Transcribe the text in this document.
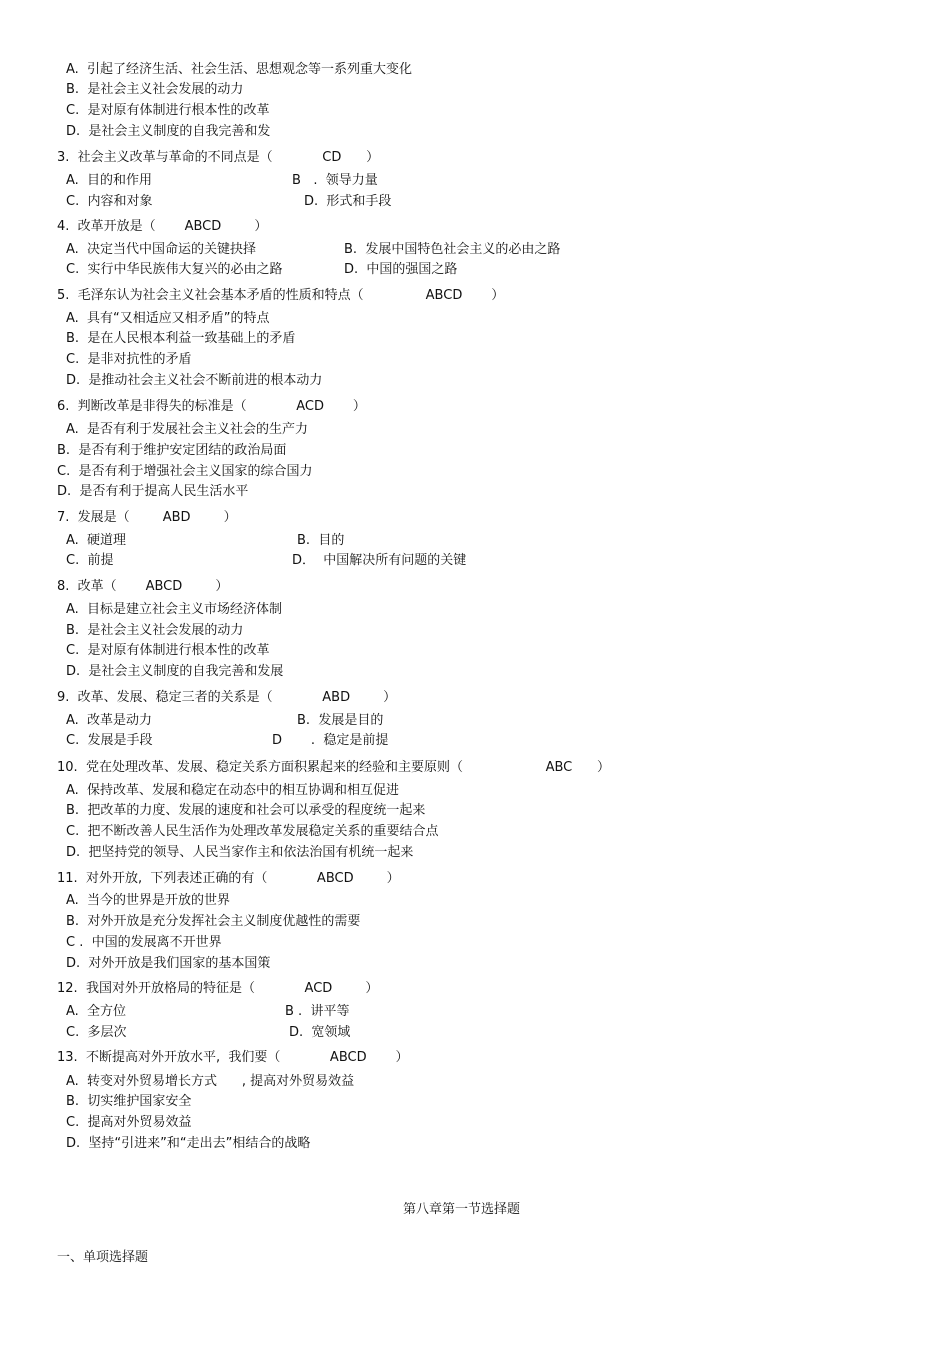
A.  引起了经济生活、社会生活、思想观念等一系列重大变化
B.  是社会主义社会发展的动力
C.  是对原有体制进行根本性的改革
D.  是社会主义制度的自我完善和发
3.  社会主义改革与革命的不同点是（            CD      ）
A.  目的和作用	B   .  领导力量
C.  内容和对象	D.  形式和手段
4.  改革开放是（       ABCD        ）
A.  决定当代中国命运的关键抉择	B.  发展中国特色社会主义的必由之路
C.  实行中华民族伟大复兴的必由之路	D.  中国的强国之路
5.  毛泽东认为社会主义社会基本矛盾的性质和特点（               ABCD       ）
A.  具有“又相适应又相矛盾”的特点
B.  是在人民根本利益一致基础上的矛盾
C.  是非对抗性的矛盾
D.  是推动社会主义社会不断前进的根本动力
6.  判断改革是非得失的标准是（            ACD       ）
A.  是否有利于发展社会主义社会的生产力
B.  是否有利于维护安定团结的政治局面
C.  是否有利于增强社会主义国家的综合国力
D.  是否有利于提高人民生活水平
7.  发展是（        ABD        ）
A.  硬道理	B.  目的
C.  前提	D．  中国解决所有问题的关键
8.  改革（       ABCD        ）
A.  目标是建立社会主义市场经济体制
B.  是社会主义社会发展的动力
C.  是对原有体制进行根本性的改革
D.  是社会主义制度的自我完善和发展
9.  改革、发展、稳定三者的关系是（            ABD        ）
A.  改革是动力	B.  发展是目的
C.  发展是手段	D       .  稳定是前提
10.  党在处理改革、发展、稳定关系方面积累起来的经验和主要原则（                    ABC      ）
A.  保持改革、发展和稳定在动态中的相互协调和相互促进
B.  把改革的力度、发展的速度和社会可以承受的程度统一起来
C.  把不断改善人民生活作为处理改革发展稳定关系的重要结合点
D.  把坚持党的领导、人民当家作主和依法治国有机统一起来
11.  对外开放,  下列表述正确的有（            ABCD        ）
A.  当今的世界是开放的世界
B.  对外开放是充分发挥社会主义制度优越性的需要
C .  中国的发展离不开世界
D.  对外开放是我们国家的基本国策
12.  我国对外开放格局的特征是（            ACD        ）
A.  全方位	B .  讲平等
C.  多层次	D.  宽领域
13.  不断提高对外开放水平,  我们要（            ABCD       ）
A.  转变对外贸易增长方式      , 提高对外贸易效益
B.  切实维护国家安全
C.  提高对外贸易效益
D.  坚持“引进来”和“走出去”相结合的战略
第八章第一节选择题
一、单项选择题
